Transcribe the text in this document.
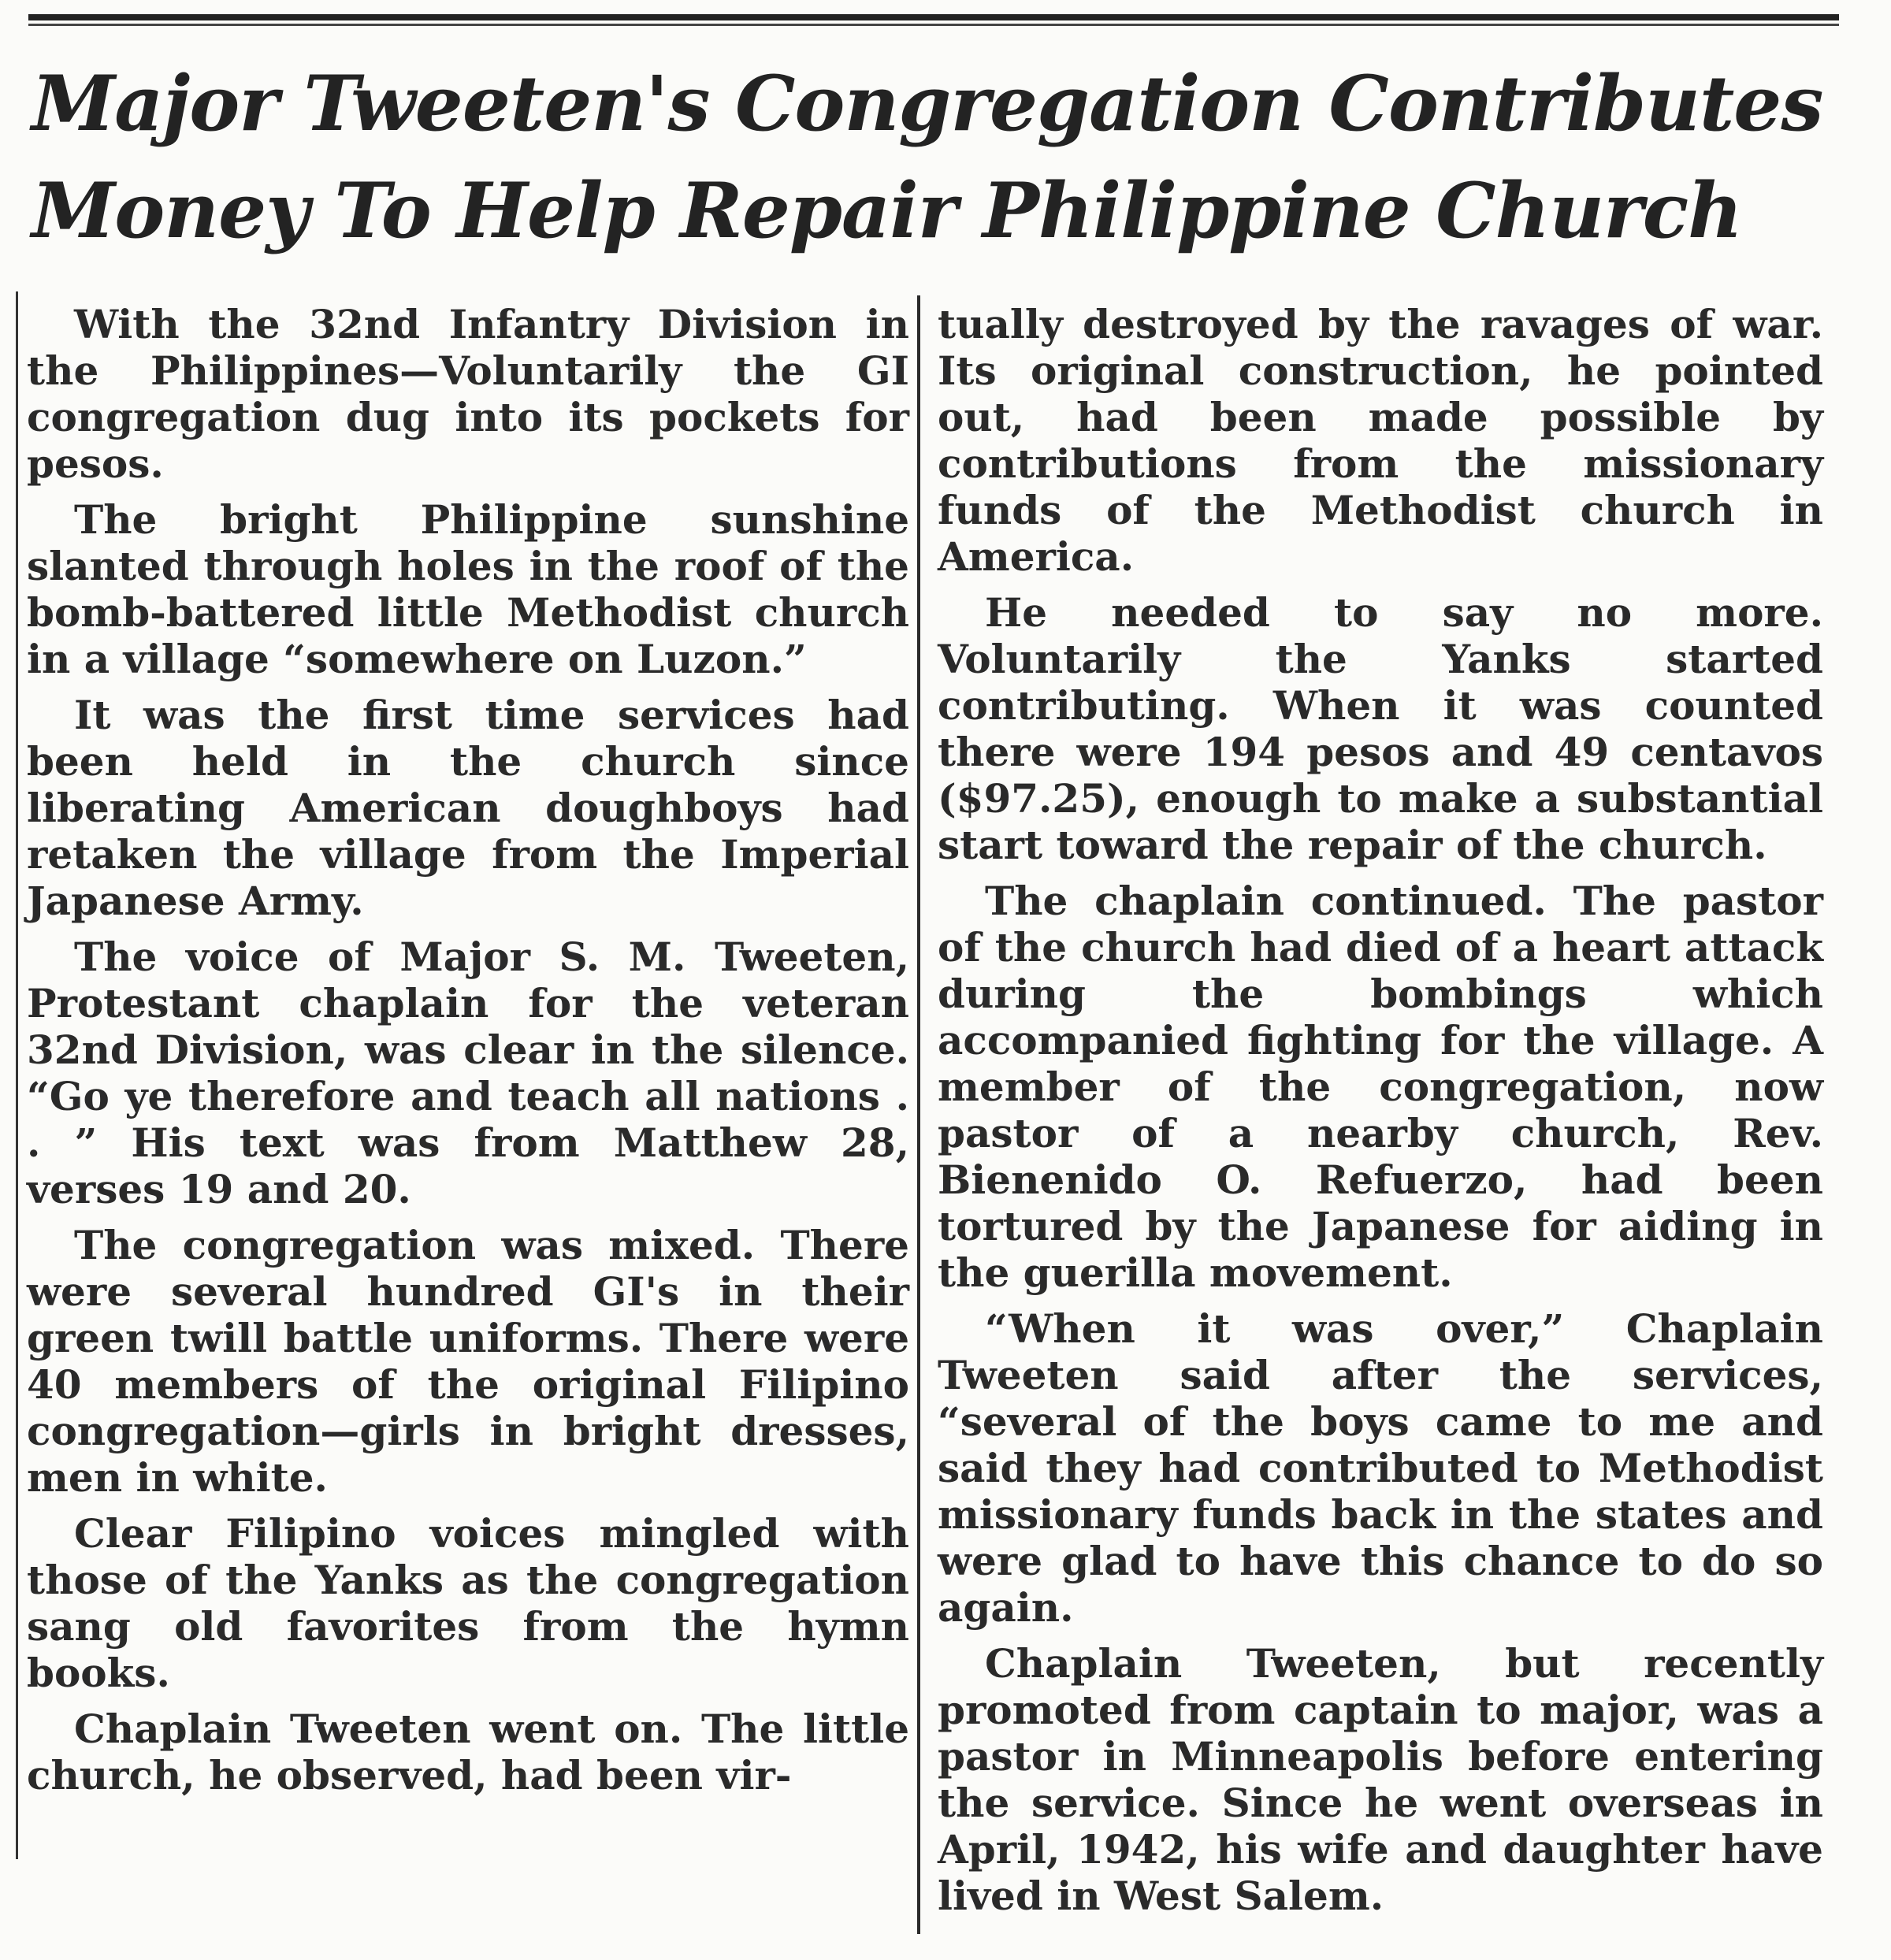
Major Tweeten's Congregation Contributes Money To Help Repair Philippine Church

With the 32nd Infantry Division in the Philippines—Voluntarily the GI congregation dug into its pockets for pesos.

The bright Philippine sunshine slanted through holes in the roof of the bomb-battered little Methodist church in a village “somewhere on Luzon.”

It was the first time services had been held in the church since liberating American doughboys had retaken the village from the Imperial Japanese Army.

The voice of Major S. M. Tweeten, Protestant chaplain for the veteran 32nd Division, was clear in the silence. “Go ye therefore and teach all nations . . ” His text was from Matthew 28, verses 19 and 20.

The congregation was mixed. There were several hundred GI's in their green twill battle uniforms. There were 40 members of the original Filipino congregation—girls in bright dresses, men in white.

Clear Filipino voices mingled with those of the Yanks as the congregation sang old favorites from the hymn books.

Chaplain Tweeten went on. The little church, he observed, had been vir-

tually destroyed by the ravages of war. Its original construction, he pointed out, had been made possible by contributions from the missionary funds of the Methodist church in America.

He needed to say no more. Voluntarily the Yanks started contributing. When it was counted there were 194 pesos and 49 centavos ($97.25), enough to make a substantial start toward the repair of the church.

The chaplain continued. The pastor of the church had died of a heart attack during the bombings which accompanied fighting for the village. A member of the congregation, now pastor of a nearby church, Rev. Bienenido O. Refuerzo, had been tortured by the Japanese for aiding in the guerilla movement.

“When it was over,” Chaplain Tweeten said after the services, “several of the boys came to me and said they had contributed to Methodist missionary funds back in the states and were glad to have this chance to do so again.

Chaplain Tweeten, but recently promoted from captain to major, was a pastor in Minneapolis before entering the service. Since he went overseas in April, 1942, his wife and daughter have lived in West Salem.
